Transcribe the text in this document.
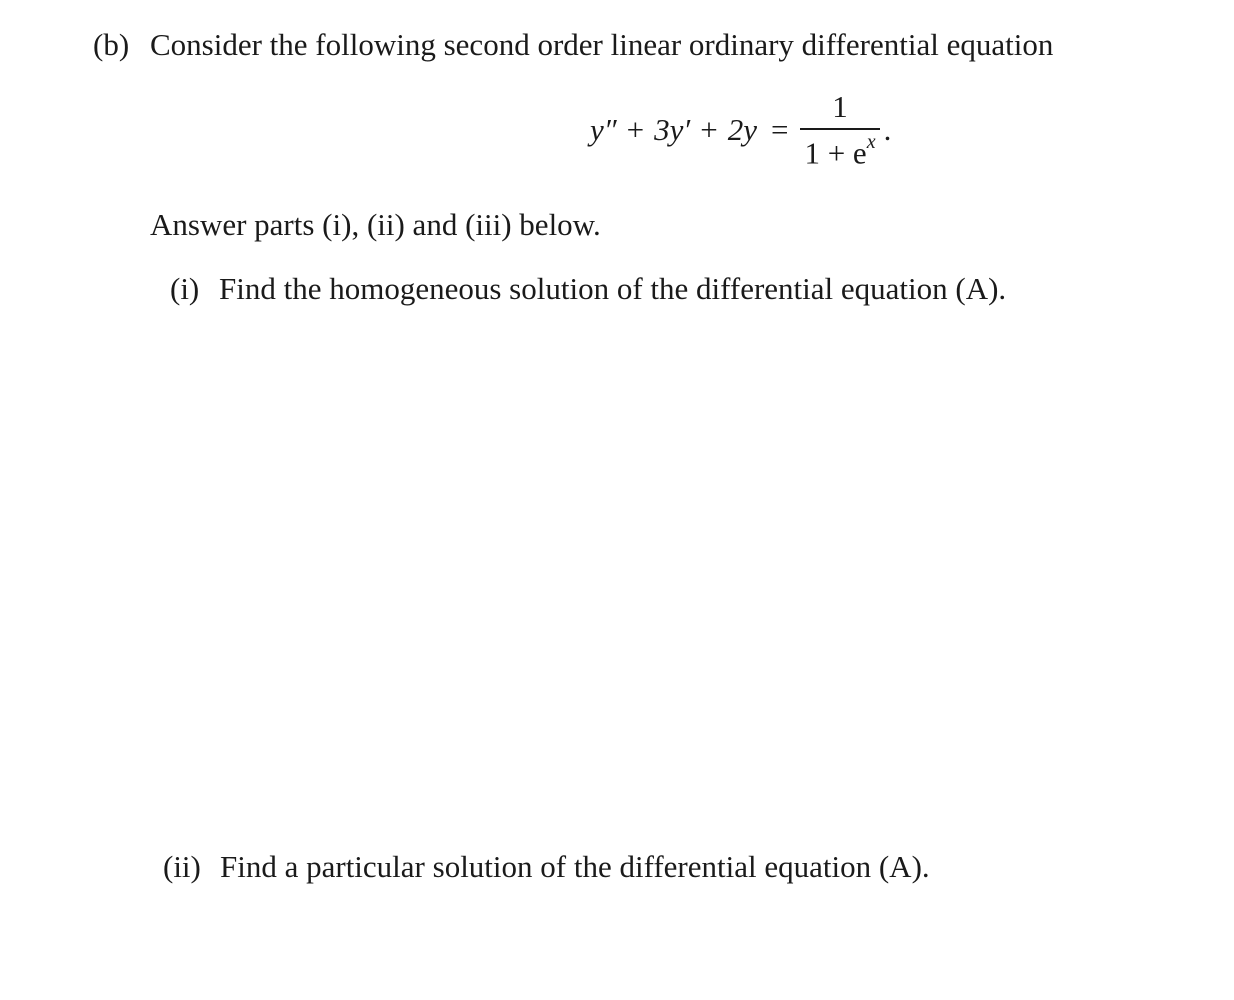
(b) Consider the following second order linear ordinary differential equation
$y'' + 3y' + 2y = \frac{1}{1 + e^x}$ .
Answer parts (i), (ii) and (iii) below.
(i) Find the homogeneous solution of the differential equation (A).
(ii) Find a particular solution of the differential equation (A).
